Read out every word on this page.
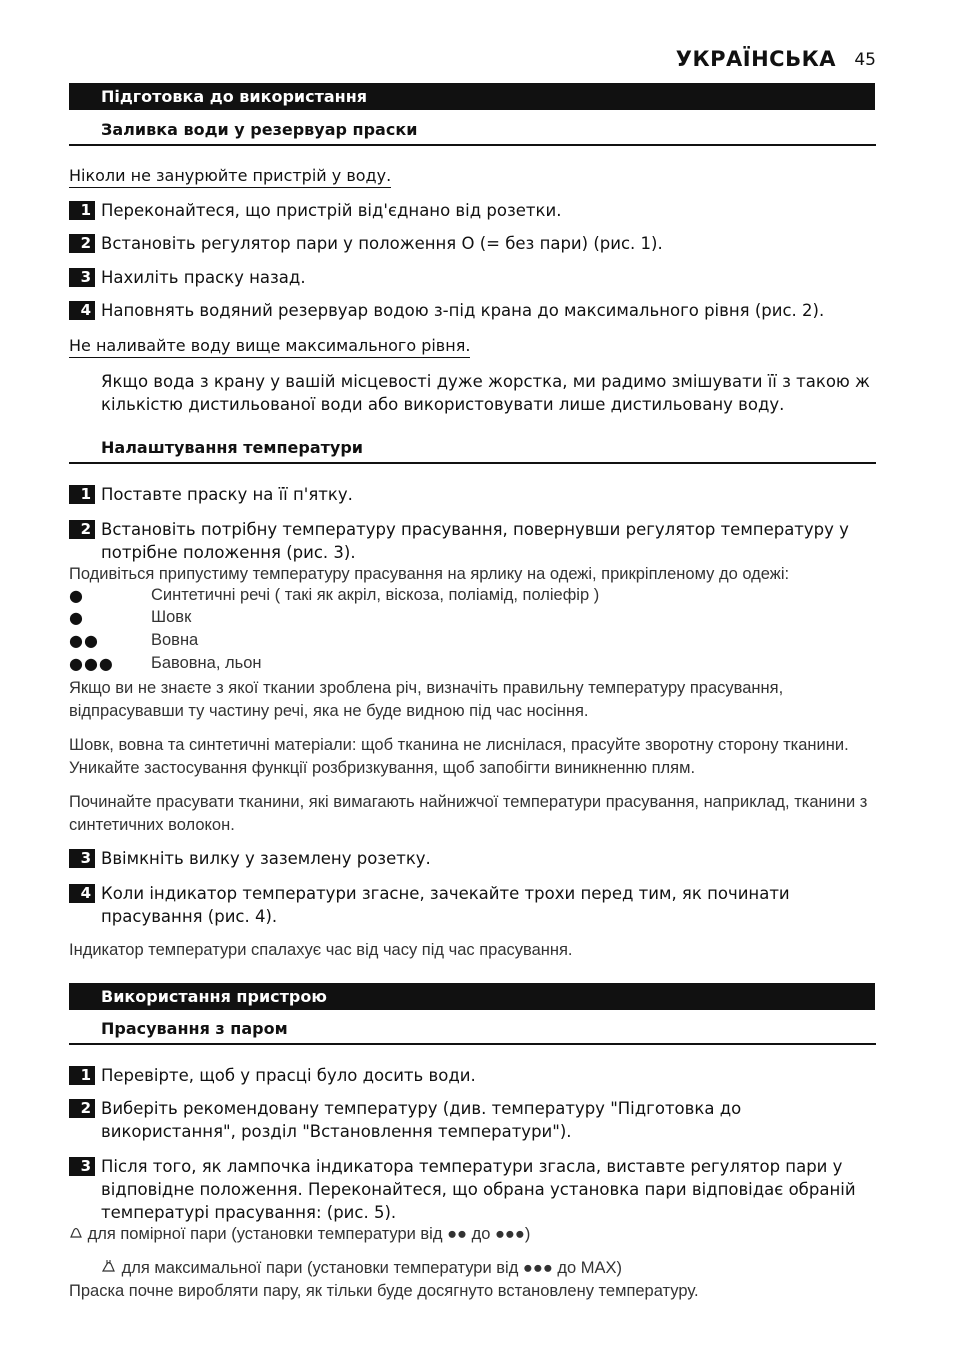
УКРАЇНСЬКА 45
Підготовка до використання
Заливка води у резервуар праски
Ніколи не занурюйте пристрій у воду.
1 Переконайтеся, що пристрій від'єднано від розетки.
2 Встановіть регулятор пари у положення O (= без пари) (рис. 1).
3 Нахиліть праску назад.
4 Наповнять водяний резервуар водою з-під крана до максимального рівня (рис. 2).
Не наливайте воду вище максимального рівня.
Якщо вода з крану у вашій місцевості дуже жорстка, ми радимо змішувати її з такою ж кількістю дистильованої води або використовувати лише дистильовану воду.
Налаштування температури
1 Поставте праску на її п'ятку.
2 Встановіть потрібну температуру прасування, повернувши регулятор температуру у потрібне положення (рис. 3).
Подивіться припустиму температуру прасування на ярлику на одежі, прикріпленому до одежі:
●	Синтетичні речі ( такі як акріл, віскоза, поліамід, поліефір )
●	Шовк
●●	Вовна
●●● Бавовна, льон
Якщо ви не знаєте з якої ткании зроблена річ, визначіть правильну температуру прасування, відпрасувавши ту частину речі, яка не буде видною під час носіння.
Шовк, вовна та синтетичні матеріали: щоб тканина не лиснілася, прасуйте зворотну сторону тканини. Уникайте застосування функції розбризкування, щоб запобігти виникненню плям.
Починайте прасувати тканини, які вимагають найнижчої температури прасування, наприклад, тканини з синтетичних волокон.
3 Ввімкніть вилку у заземлену розетку.
4 Коли індикатор температури згасне, зачекайте трохи перед тим, як починати прасування (рис. 4).
Індикатор температури спалахує час від часу під час прасування.
Використання пристрою
Прасування з паром
1 Перевірте, щоб у прасці було досить води.
2 Виберіть рекомендовану температуру (див. температуру "Підготовка до використання", розділ "Встановлення температури").
3 Після того, як лампочка індикатора температури згасла, виставте регулятор пари у відповідне положення. Переконайтеся, що обрана установка пари відповідає обраній температурі прасування: (рис. 5).
для помірної пари (установки температури від ●● до ●●●)
для максимальної пари (установки температури від ●●● до MAX)
Праска почне виробляти пару, як тільки буде досягнуто встановлену температуру.
